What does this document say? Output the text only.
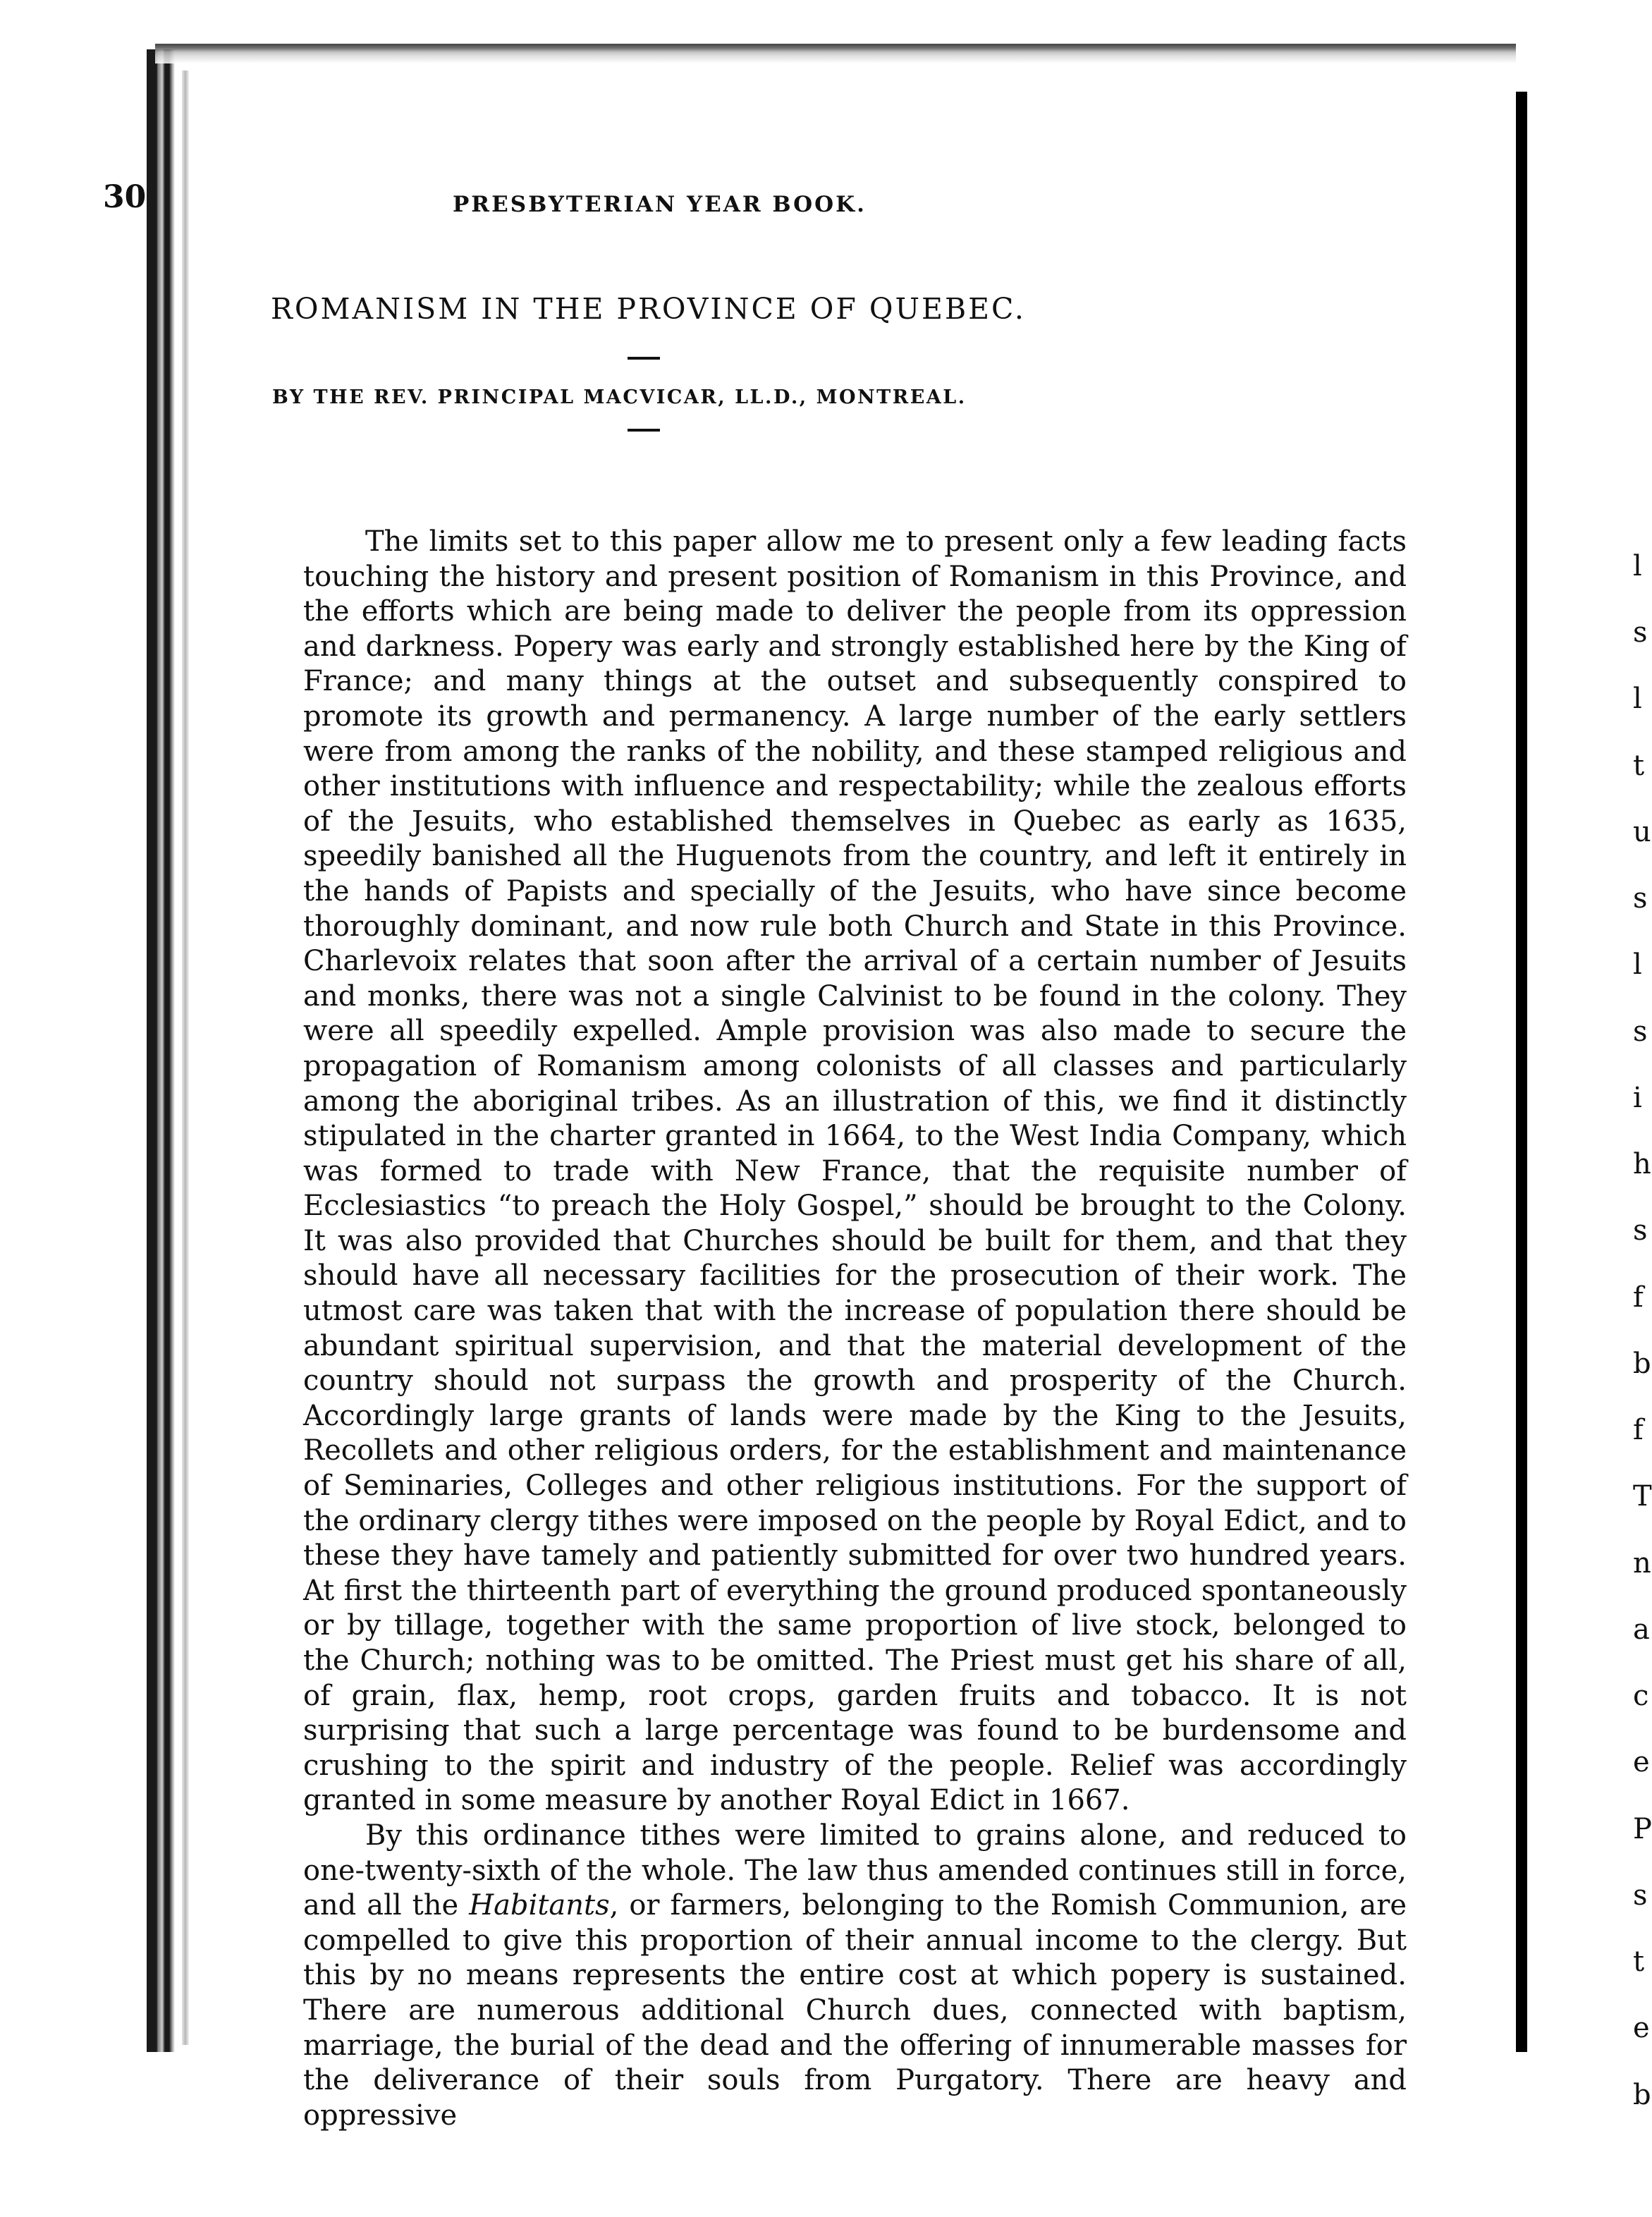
l
s
l
t
u
s
l
s
i
h
s
f
b
f
T
n
a
c
e
P
s
t
e
b
30	PRESBYTERIAN YEAR BOOK.
ROMANISM IN THE PROVINCE OF QUEBEC.
BY THE REV. PRINCIPAL MACVICAR, LL.D., MONTREAL.

The limits set to this paper allow me to present only a few leading facts touching the history and present position of Romanism in this Province, and the efforts which are being made to deliver the people from its oppression and darkness. Popery was early and strongly established here by the King of France; and many things at the outset and subsequently conspired to promote its growth and permanency. A large number of the early settlers were from among the ranks of the nobility, and these stamped religious and other institutions with influence and respectability; while the zealous efforts of the Jesuits, who established themselves in Quebec as early as 1635, speedily banished all the Huguenots from the country, and left it entirely in the hands of Papists and specially of the Jesuits, who have since become thoroughly dominant, and now rule both Church and State in this Province. Charlevoix relates that soon after the arrival of a certain number of Jesuits and monks, there was not a single Calvinist to be found in the colony. They were all speedily expelled. Ample provision was also made to secure the propagation of Romanism among colonists of all classes and particularly among the aboriginal tribes. As an illustration of this, we find it distinctly stipulated in the charter granted in 1664, to the West India Company, which was formed to trade with New France, that the requisite number of Ecclesiastics “to preach the Holy Gospel,” should be brought to the Colony. It was also provided that Churches should be built for them, and that they should have all necessary facilities for the prosecution of their work. The utmost care was taken that with the increase of population there should be abundant spiritual supervision, and that the material development of the country should not surpass the growth and prosperity of the Church. Accordingly large grants of lands were made by the King to the Jesuits, Recollets and other religious orders, for the establishment and maintenance of Seminaries, Colleges and other religious institutions. For the support of the ordinary clergy tithes were imposed on the people by Royal Edict, and to these they have tamely and patiently submitted for over two hundred years. At first the thirteenth part of everything the ground produced spontaneously or by tillage, together with the same proportion of live stock, belonged to the Church; nothing was to be omitted. The Priest must get his share of all, of grain, flax, hemp, root crops, garden fruits and tobacco. It is not surprising that such a large percentage was found to be burdensome and crushing to the spirit and industry of the people. Relief was accordingly granted in some measure by another Royal Edict in 1667.

By this ordinance tithes were limited to grains alone, and reduced to one-twenty-sixth of the whole. The law thus amended continues still in force, and all the Habitants, or farmers, belonging to the Romish Communion, are compelled to give this proportion of their annual income to the clergy. But this by no means represents the entire cost at which popery is sustained. There are numerous additional Church dues, connected with baptism, marriage, the burial of the dead and the offering of innumerable masses for the deliverance of their souls from Purgatory. There are heavy and oppressive
